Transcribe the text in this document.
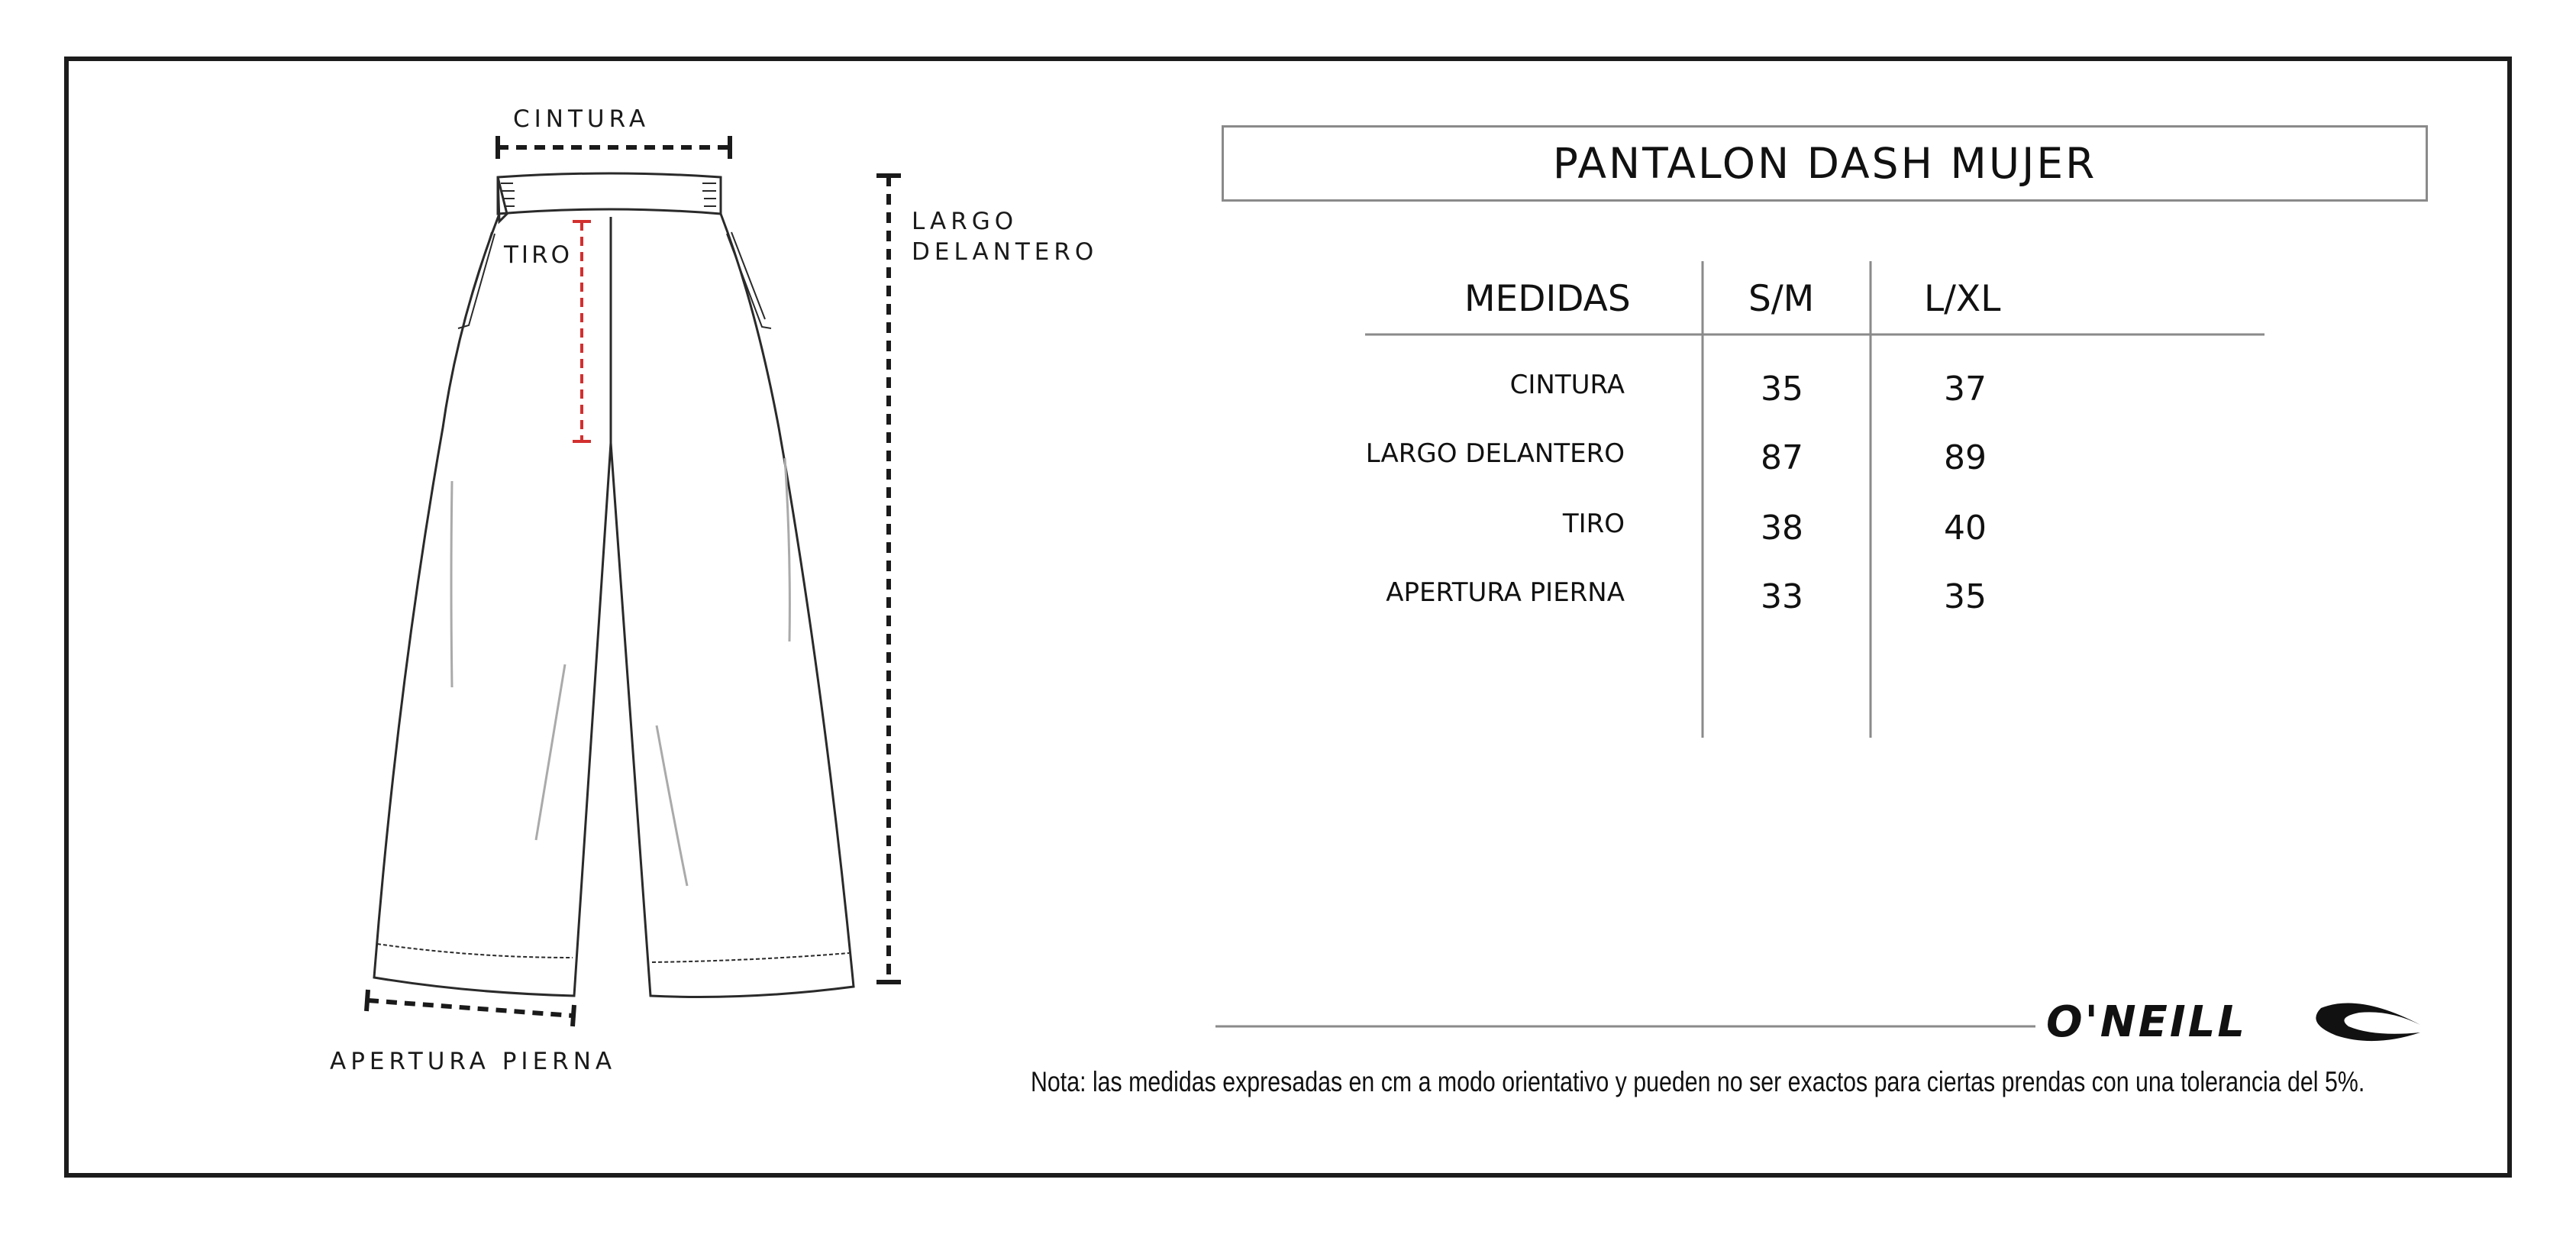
CINTURA
TIRO
LARGO
DELANTERO
APERTURA PIERNA
PANTALON DASH MUJER
MEDIDAS	S/M	L/XL
CINTURA	35	37
LARGO DELANTERO	87	89
TIRO	38	40
APERTURA PIERNA	33	35
O'NEILL
Nota: las medidas expresadas en cm a modo orientativo y pueden no ser exactos para ciertas prendas con una tolerancia del 5%.
